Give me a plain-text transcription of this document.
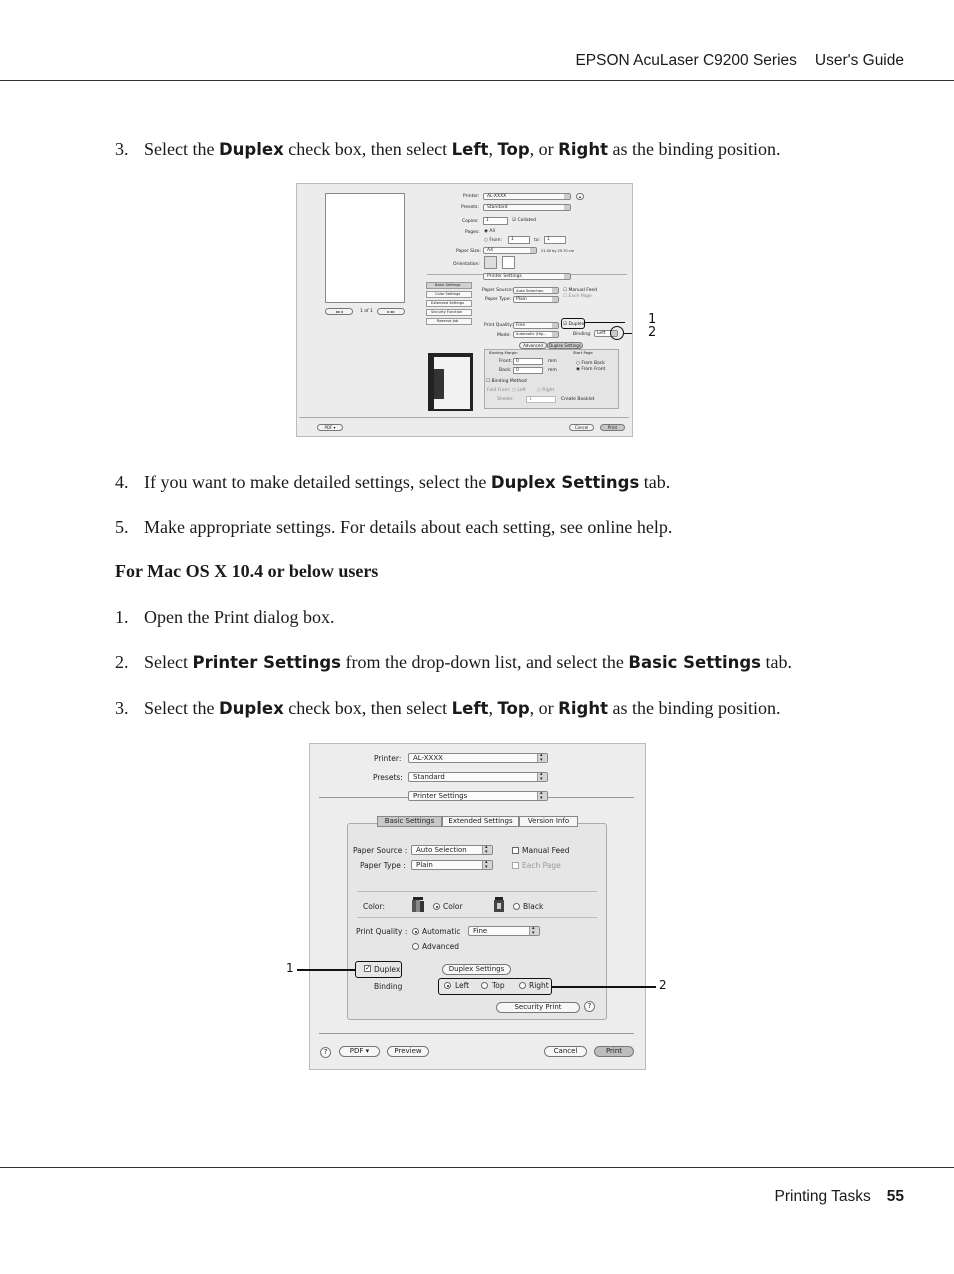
EPSON AcuLaser C9200 Series User's Guide
3. Select the Duplex check box, then select Left, Top, or Right as the binding position.
◂◂ ◂	1 of 1	▸ ▸▸
Printer: AL-XXXX	▴
Presets: Standard
Copies: 1	☑ Collated
Pages: ◉ All
○ From: 1	to: 1
Paper Size: A4	21.00 by 29.70 cm
Orientation:
Printer Settings
Basic Settings
Color Settings
Extended Settings
Security Function
Reserve Job
Paper Source: Auto Selection	☐ Manual Feed
Paper Type: Plain
☐ Each Page
Print Quality: Fine	☑ Duplex
Mode: Automatic (Hig...	Binding: Left
Advanced	Duplex Settings
Binding Margin	Start Page
Front: 0	mm
Back: 0	mm
○ From Back
◉ From Front
☐ Binding Method
Fold From: ○ Left ○ Right
Sheets:	1	Create Booklet
PDF ▾	Cancel	Print
1
2
4. If you want to make detailed settings, select the Duplex Settings tab.
5. Make appropriate settings. For details about each setting, see online help.
For Mac OS X 10.4 or below users
1. Open the Print dialog box.
2. Select Printer Settings from the drop-down list, and select the Basic Settings tab.
3. Select the Duplex check box, then select Left, Top, or Right as the binding position.
Printer:	AL-XXXX
▴ ▾
Presets:	Standard
▴ ▾
Printer Settings
▴ ▾
Basic Settings	Extended Settings	Version Info
Paper Source :	Auto Selection ▴ ▾	Manual Feed
Paper Type :	Plain ▴ ▾	Each Page
Color:	Color	Black
Print Quality : Automatic	Fine
▴ ▾
Advanced
✓ Duplex	Duplex Settings
Binding	Left	Top	Right
Security Print	?
?	PDF ▾	Preview	Cancel	Print
1
2
Printing Tasks 55
